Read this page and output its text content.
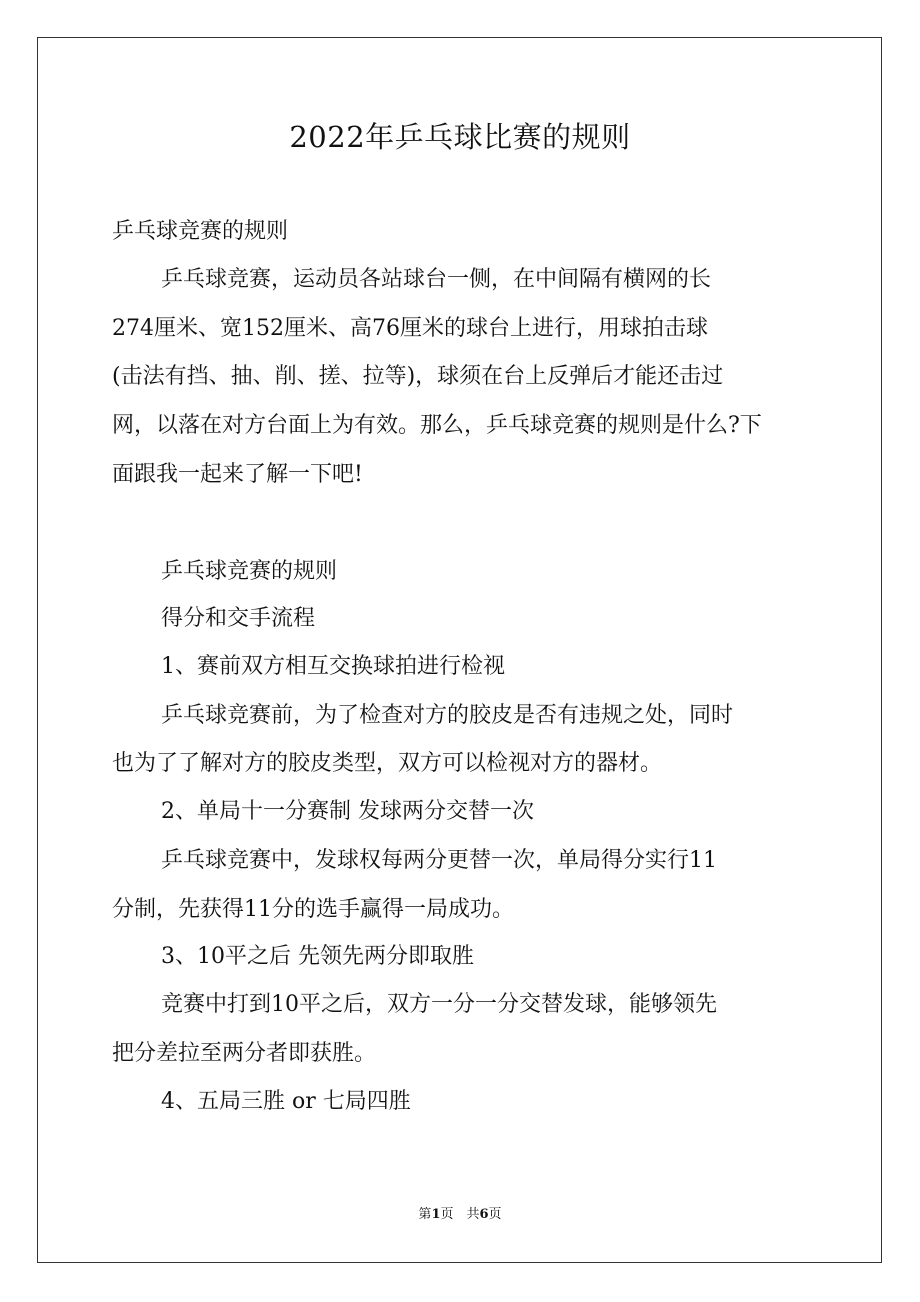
2022年乒乓球比赛的规则
乒乓球竞赛的规则
乒乓球竞赛，运动员各站球台一侧，在中间隔有横网的长
274厘米、宽152厘米、高76厘米的球台上进行，用球拍击球
(击法有挡、抽、削、搓、拉等)，球须在台上反弹后才能还击过
网，以落在对方台面上为有效。那么，乒乓球竞赛的规则是什么?下
面跟我一起来了解一下吧!
乒乓球竞赛的规则
得分和交手流程
1、赛前双方相互交换球拍进行检视
乒乓球竞赛前，为了检查对方的胶皮是否有违规之处，同时
也为了了解对方的胶皮类型，双方可以检视对方的器材。
2、单局十一分赛制 发球两分交替一次
乒乓球竞赛中，发球权每两分更替一次，单局得分实行11
分制，先获得11分的选手赢得一局成功。
3、10平之后 先领先两分即取胜
竞赛中打到10平之后，双方一分一分交替发球，能够领先
把分差拉至两分者即获胜。
4、五局三胜 or 七局四胜
第1页　共6页
